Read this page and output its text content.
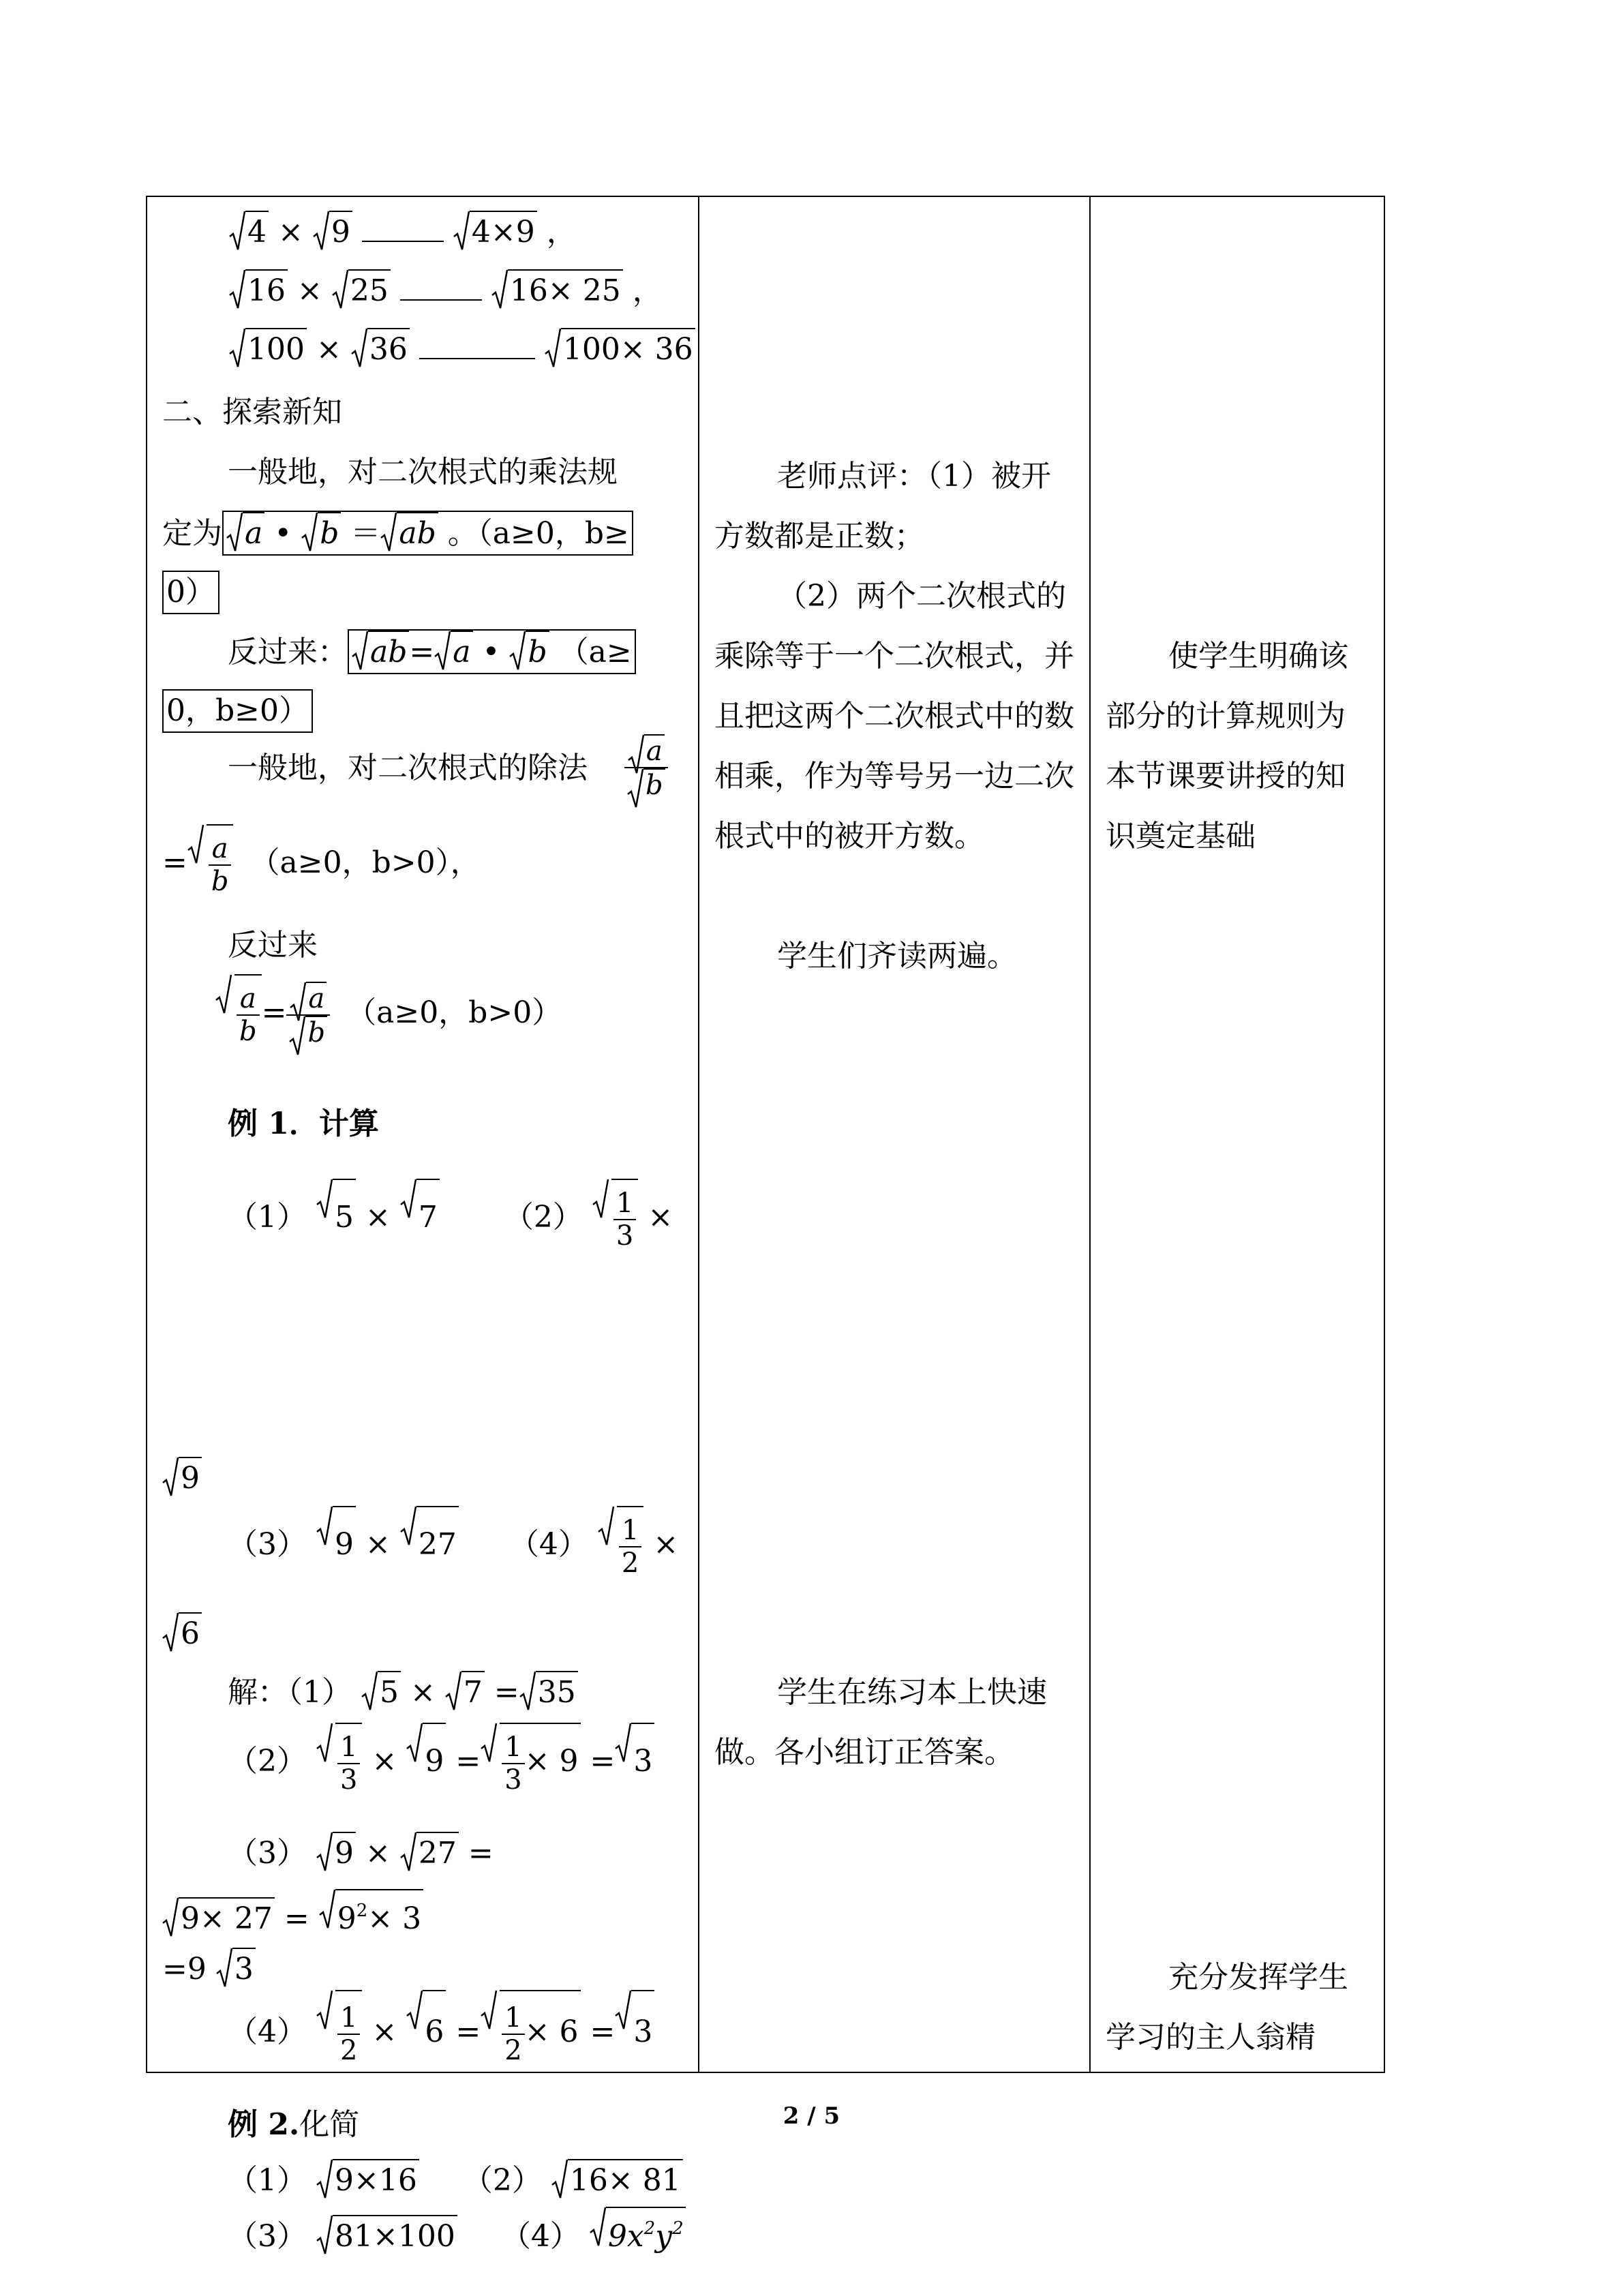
4 ×
9	4×9 ，
16 ×
25	16× 25 ，
100 ×
36	100× 36
二、探索新知
一般地，对二次根式的乘法规
定为 a • b ＝ ab 。（a≥0，b≥
0）
反过来： ab= a • b （a≥
0，b≥0）
一般地，对二次根式的除法 $\frac{a}{b}$
= $\frac{a}{b} (a\ge 0$，b>0），
反过来
$\frac{a}{b} = \frac{a}{b} (a\ge 0$，b>0）
例 1．计算
（1） 5 × 7 $(2) \frac{1}{3}$ ×
9
（3） 9 × 27 $(4) \frac{1}{2}$ ×
6
解：（1） 5 × 7 = 35
$(2) \frac{1}{3} \times 9 = \frac{1}{3} \times 9 = 3$
（3） 9 × 27 =
$9\times 27 = 9^2\times 3$
=9 3
$(4) \frac{1}{2} \times 6 = \frac{1}{2} \times 6 = 3$
例 2.化简
（1） 9×16 （2） 16× 81
（3） 81×100 （4） $9x^2y^2$

老师点评：（1）被开方数都是正数；
（2）两个二次根式的乘除等于一个二次根式，并且把这两个二次根式中的数相乘，作为等号另一边二次根式中的被开方数。
学生们齐读两遍。
学生在练习本上快速做。各小组订正答案。

使学生明确该部分的计算规则为本节课要讲授的知识奠定基础
充分发挥学生学习的主人翁精
2 / 5
